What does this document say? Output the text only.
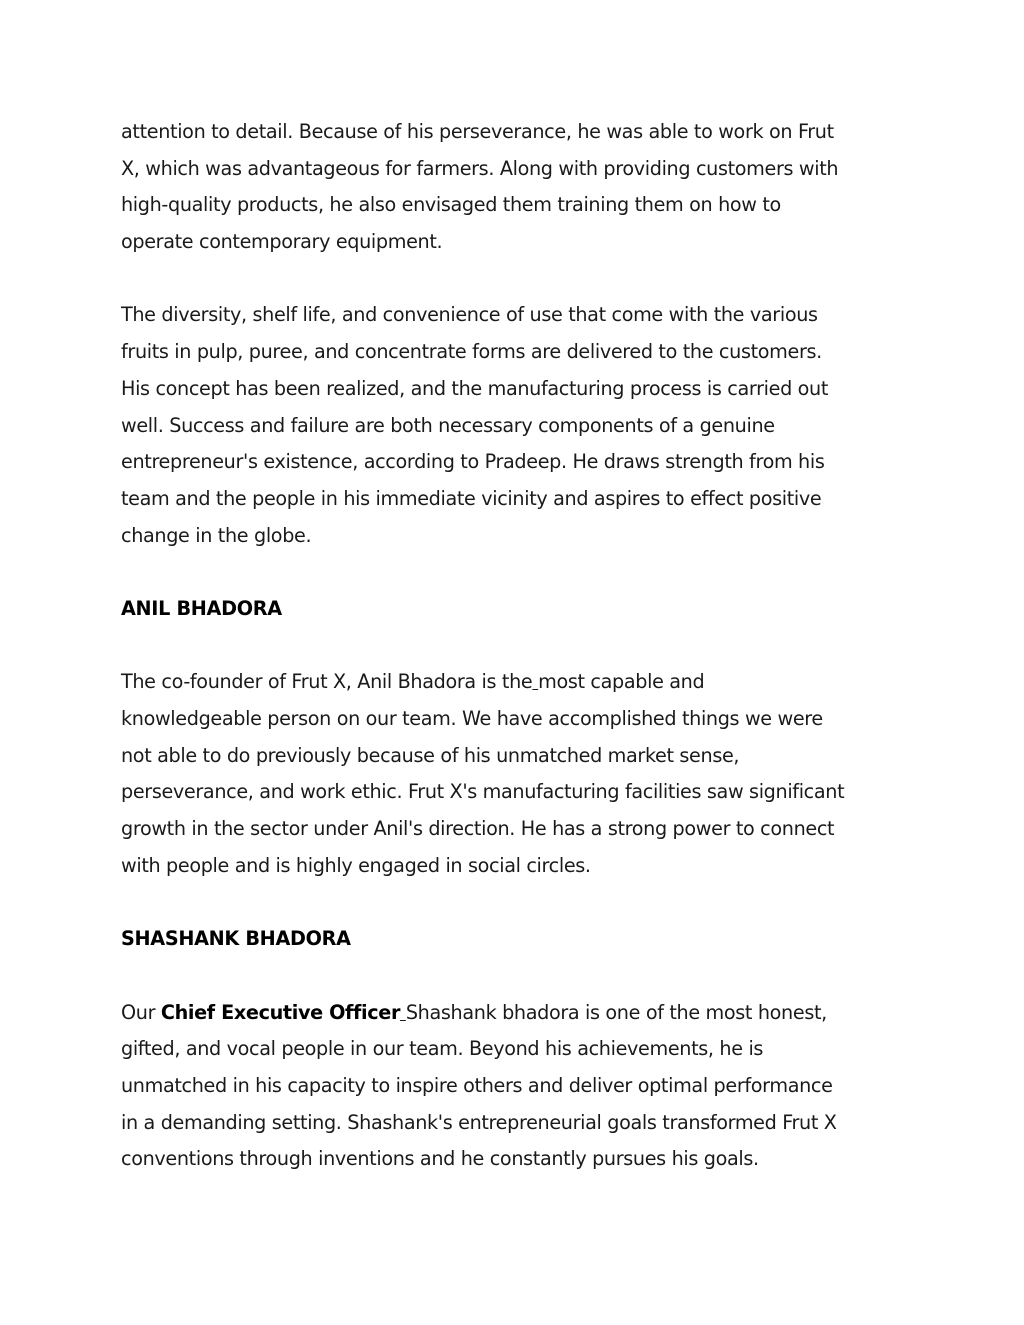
attention to detail. Because of his perseverance, he was able to work on Frut
X, which was advantageous for farmers. Along with providing customers with
high-quality products, he also envisaged them training them on how to
operate contemporary equipment.
The diversity, shelf life, and convenience of use that come with the various
fruits in pulp, puree, and concentrate forms are delivered to the customers.
His concept has been realized, and the manufacturing process is carried out
well. Success and failure are both necessary components of a genuine
entrepreneur's existence, according to Pradeep. He draws strength from his
team and the people in his immediate vicinity and aspires to effect positive
change in the globe.
ANIL BHADORA
The co-founder of Frut X, Anil Bhadora is the most capable and
knowledgeable person on our team. We have accomplished things we were
not able to do previously because of his unmatched market sense,
perseverance, and work ethic. Frut X's manufacturing facilities saw significant
growth in the sector under Anil's direction. He has a strong power to connect
with people and is highly engaged in social circles.
SHASHANK BHADORA
Our Chief Executive Officer Shashank bhadora is one of the most honest,
gifted, and vocal people in our team. Beyond his achievements, he is
unmatched in his capacity to inspire others and deliver optimal performance
in a demanding setting. Shashank's entrepreneurial goals transformed Frut X
conventions through inventions and he constantly pursues his goals.
